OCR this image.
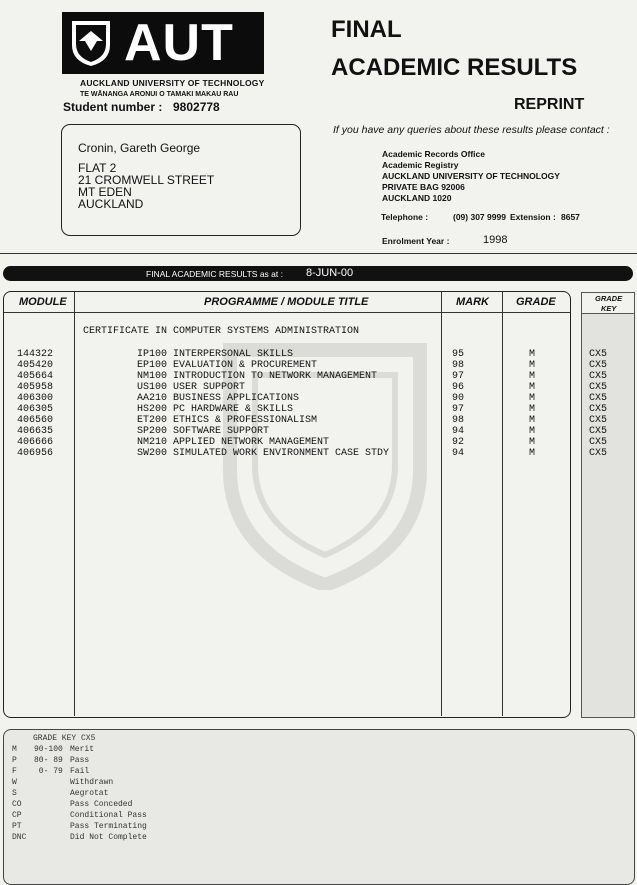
AUT
AUCKLAND UNIVERSITY OF TECHNOLOGY
TE WĀNANGA ARONUI O TAMAKI MAKAU RAU
Student number : 9802778
FINAL
ACADEMIC RESULTS
REPRINT
If you have any queries about these results please contact :
Cronin, Gareth George
FLAT 2
21 CROMWELL STREET
MT EDEN
AUCKLAND
Academic Records Office
Academic Registry
AUCKLAND UNIVERSITY OF TECHNOLOGY
PRIVATE BAG 92006
AUCKLAND 1020
Telephone :	(09) 307 9999 Extension : 8657
Enrolment Year :	1998
FINAL ACADEMIC RESULTS as at : 8-JUN-00
MODULE	PROGRAMME / MODULE TITLE	MARK GRADE	GRADE
KEY
CERTIFICATE IN COMPUTER SYSTEMS ADMINISTRATION
144322	IP100 INTERPERSONAL SKILLS	95	M	CX5
405420	EP100 EVALUATION & PROCUREMENT	98	M	CX5
405664	NM100 INTRODUCTION TO NETWORK MANAGEMENT	97	M	CX5
405958	US100 USER SUPPORT	96	M	CX5
406300	AA210 BUSINESS APPLICATIONS	90	M	CX5
406305	HS200 PC HARDWARE & SKILLS	97	M	CX5
406560	ET200 ETHICS & PROFESSIONALISM	98	M	CX5
406635	SP200 SOFTWARE SUPPORT	94	M	CX5
406666	NM210 APPLIED NETWORK MANAGEMENT	92	M	CX5
406956	SW200 SIMULATED WORK ENVIRONMENT CASE STDY	94	M	CX5
GRADE KEY CX5
M 90-100 Merit
P 80- 89 Pass
F 0- 79 Fail
W	Withdrawn
S	Aegrotat
CO	Pass Conceded
CP	Conditional Pass
PT	Pass Terminating
DNC	Did Not Complete
